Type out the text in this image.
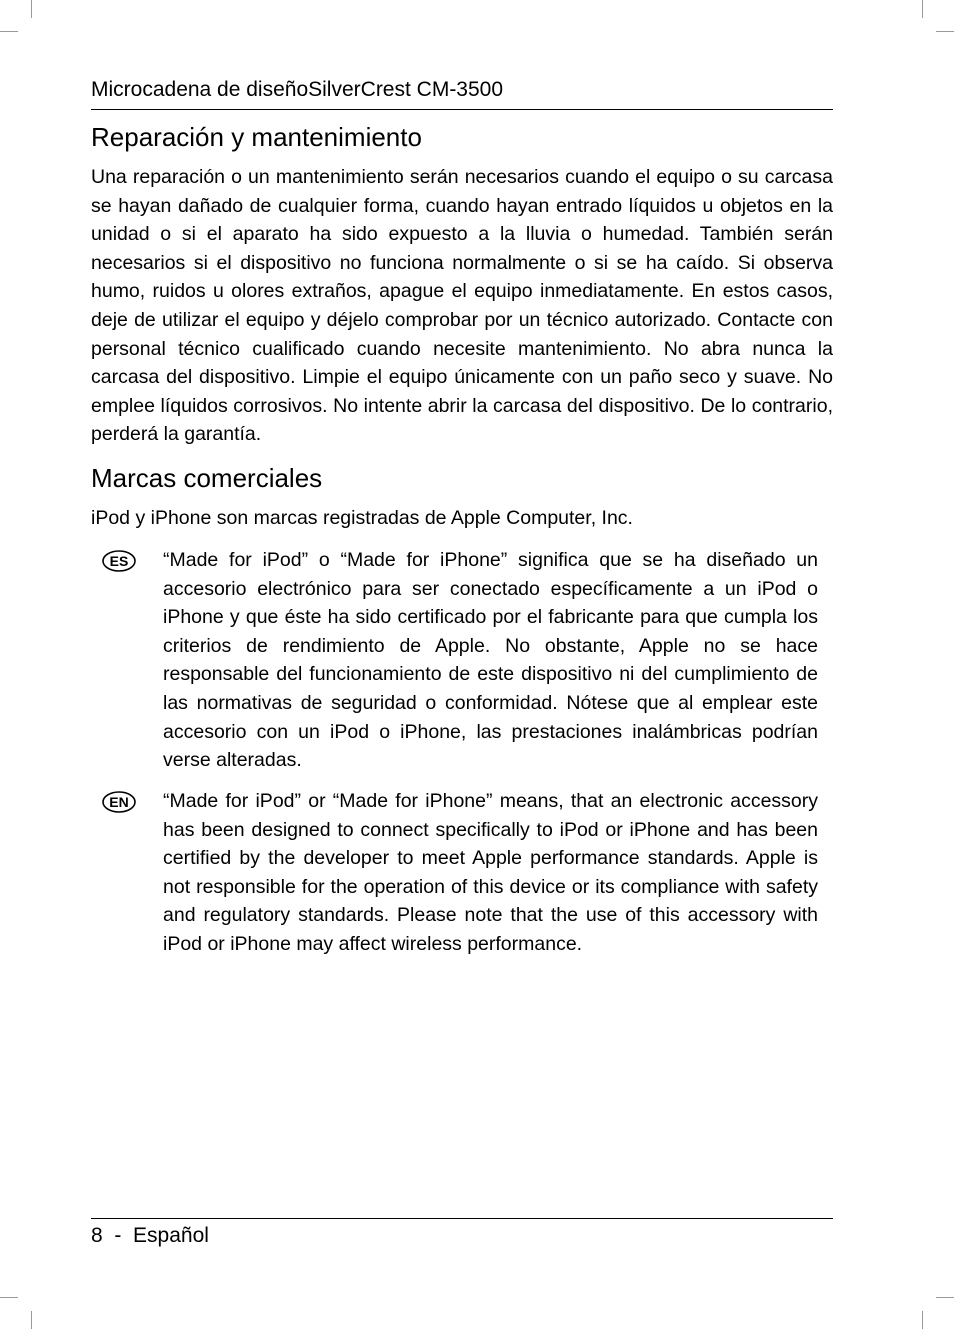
Microcadena de diseñoSilverCrest CM-3500
Reparación y mantenimiento

Una reparación o un mantenimiento serán necesarios cuando el equipo o su carcasa se hayan dañado de cualquier forma, cuando hayan entrado líquidos u objetos en la unidad o si el aparato ha sido expuesto a la lluvia o humedad. También serán necesarios si el dispositivo no funciona normalmente o si se ha caído. Si observa humo, ruidos u olores extraños, apague el equipo inmediatamente. En estos casos, deje de utilizar el equipo y déjelo comprobar por un técnico autorizado. Contacte con personal técnico cualificado cuando necesite mantenimiento. No abra nunca la carcasa del dispositivo. Limpie el equipo únicamente con un paño seco y suave. No emplee líquidos corrosivos. No intente abrir la carcasa del dispositivo. De lo contrario, perderá la garantía.

Marcas comerciales

iPod y iPhone son marcas registradas de Apple Computer, Inc.

ES “Made for iPod” o “Made for iPhone” significa que se ha diseñado un accesorio electrónico para ser conectado específicamente a un iPod o iPhone y que éste ha sido certificado por el fabricante para que cumpla los criterios de rendimiento de Apple. No obstante, Apple no se hace responsable del funcionamiento de este dispositivo ni del cumplimiento de las normativas de seguridad o conformidad. Nótese que al emplear este accesorio con un iPod o iPhone, las prestaciones inalámbricas podrían verse alteradas.

EN “Made for iPod” or “Made for iPhone” means, that an electronic accessory has been designed to connect specifically to iPod or iPhone and has been certified by the developer to meet Apple performance standards. Apple is not responsible for the operation of this device or its compliance with safety and regulatory standards. Please note that the use of this accessory with iPod or iPhone may affect wireless performance.

8 - Español
